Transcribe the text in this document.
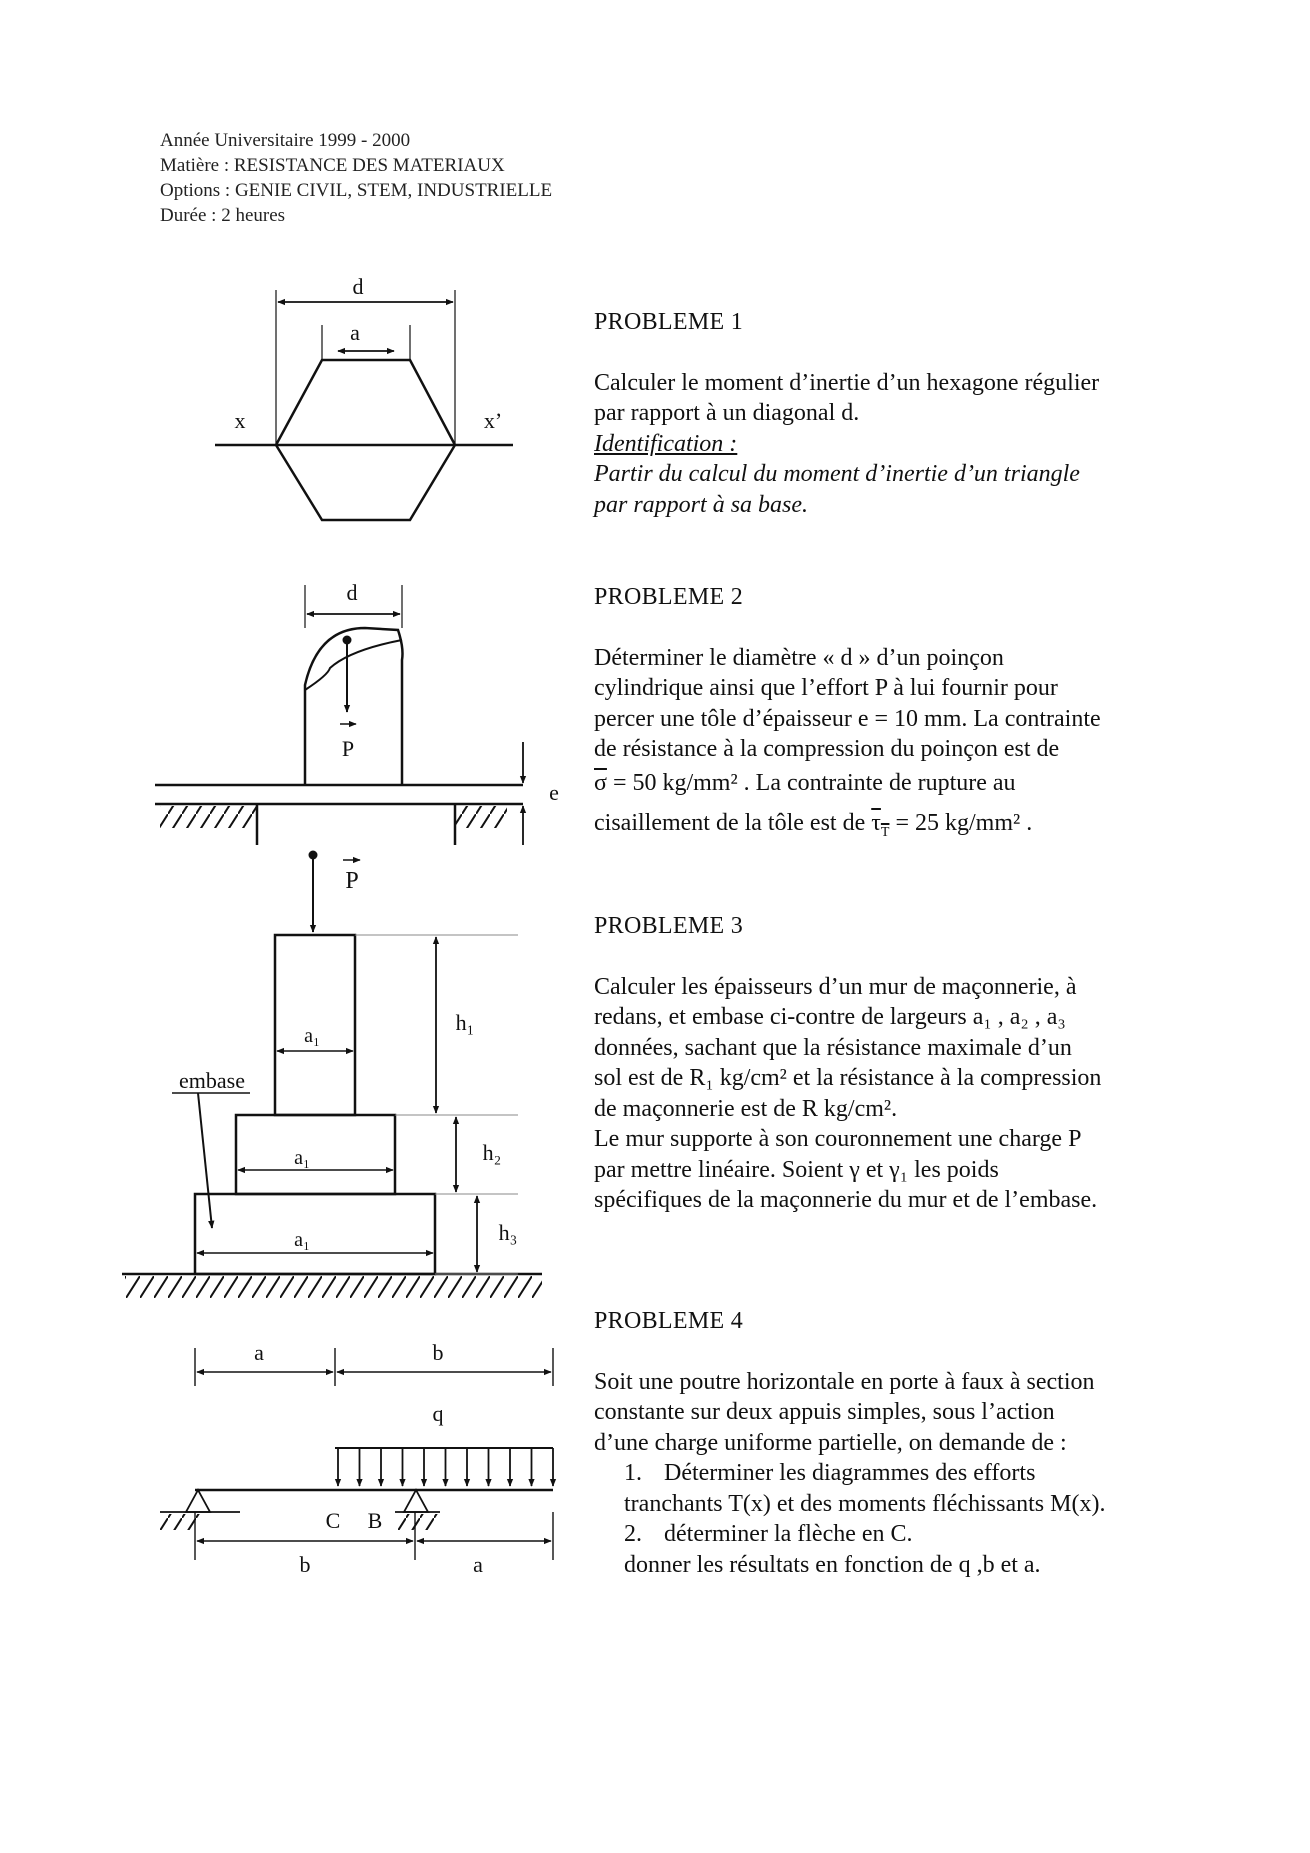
Année Universitaire 1999 - 2000
Matière : RESISTANCE DES MATERIAUX
Options : GENIE CIVIL, STEM, INDUSTRIELLE
Durée : 2 heures
d
a
x	x’
d
P
e
P
a₁
a₁
a₁
h₁
h₂
h₃
embase
a	b
q
C B
b	a
PROBLEME 1

Calculer le moment d’inertie d’un hexagone régulier

par rapport à un diagonal d.

Identification :

Partir du calcul du moment d’inertie d’un triangle

par rapport à sa base.

PROBLEME 2

Déterminer le diamètre « d » d’un poinçon

cylindrique ainsi que l’effort P à lui fournir pour

percer une tôle d’épaisseur e = 10 mm. La contrainte

de résistance à la compression du poinçon est de

$\overline{\sigma} = 50$ kg/mm² . La contrainte de rupture au

cisaillement de la tôle est de $\tau_T = 25$ kg/mm² .

PROBLEME 3

Calculer les épaisseurs d’un mur de maçonnerie, à

redans, et embase ci-contre de largeurs a₁ , a₂ , a₃

données, sachant que la résistance maximale d’un

sol est de R₁ kg/cm² et la résistance à la compression

de maçonnerie est de R kg/cm².

Le mur supporte à son couronnement une charge P

par mettre linéaire. Soient γ et γ₁ les poids

spécifiques de la maçonnerie du mur et de l’embase.

PROBLEME 4

Soit une poutre horizontale en porte à faux à section

constante sur deux appuis simples, sous l’action

d’une charge uniforme partielle, on demande de :

1. Déterminer les diagrammes des efforts

tranchants T(x) et des moments fléchissants M(x).

2. déterminer la flèche en C.

donner les résultats en fonction de q ,b et a.
